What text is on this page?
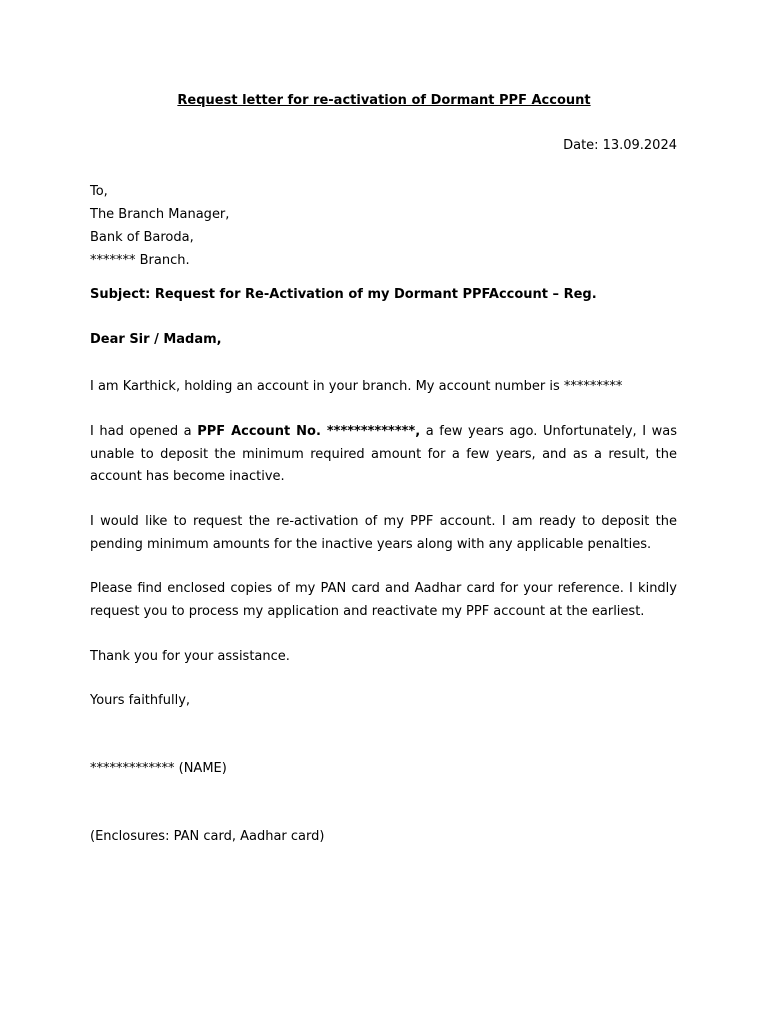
Request letter for re-activation of Dormant PPF Account
Date: 13.09.2024
To,
The Branch Manager,
Bank of Baroda,
******* Branch.
Subject: Request for Re-Activation of my Dormant PPFAccount – Reg.
Dear Sir / Madam,
I am Karthick, holding an account in your branch. My account number is *********
I had opened a PPF Account No. *************, a few years ago. Unfortunately, I was unable to deposit the minimum required amount for a few years, and as a result, the account has become inactive.
I would like to request the re-activation of my PPF account. I am ready to deposit the pending minimum amounts for the inactive years along with any applicable penalties.
Please find enclosed copies of my PAN card and Aadhar card for your reference. I kindly request you to process my application and reactivate my PPF account at the earliest.
Thank you for your assistance.
Yours faithfully,
************* (NAME)
(Enclosures: PAN card, Aadhar card)
